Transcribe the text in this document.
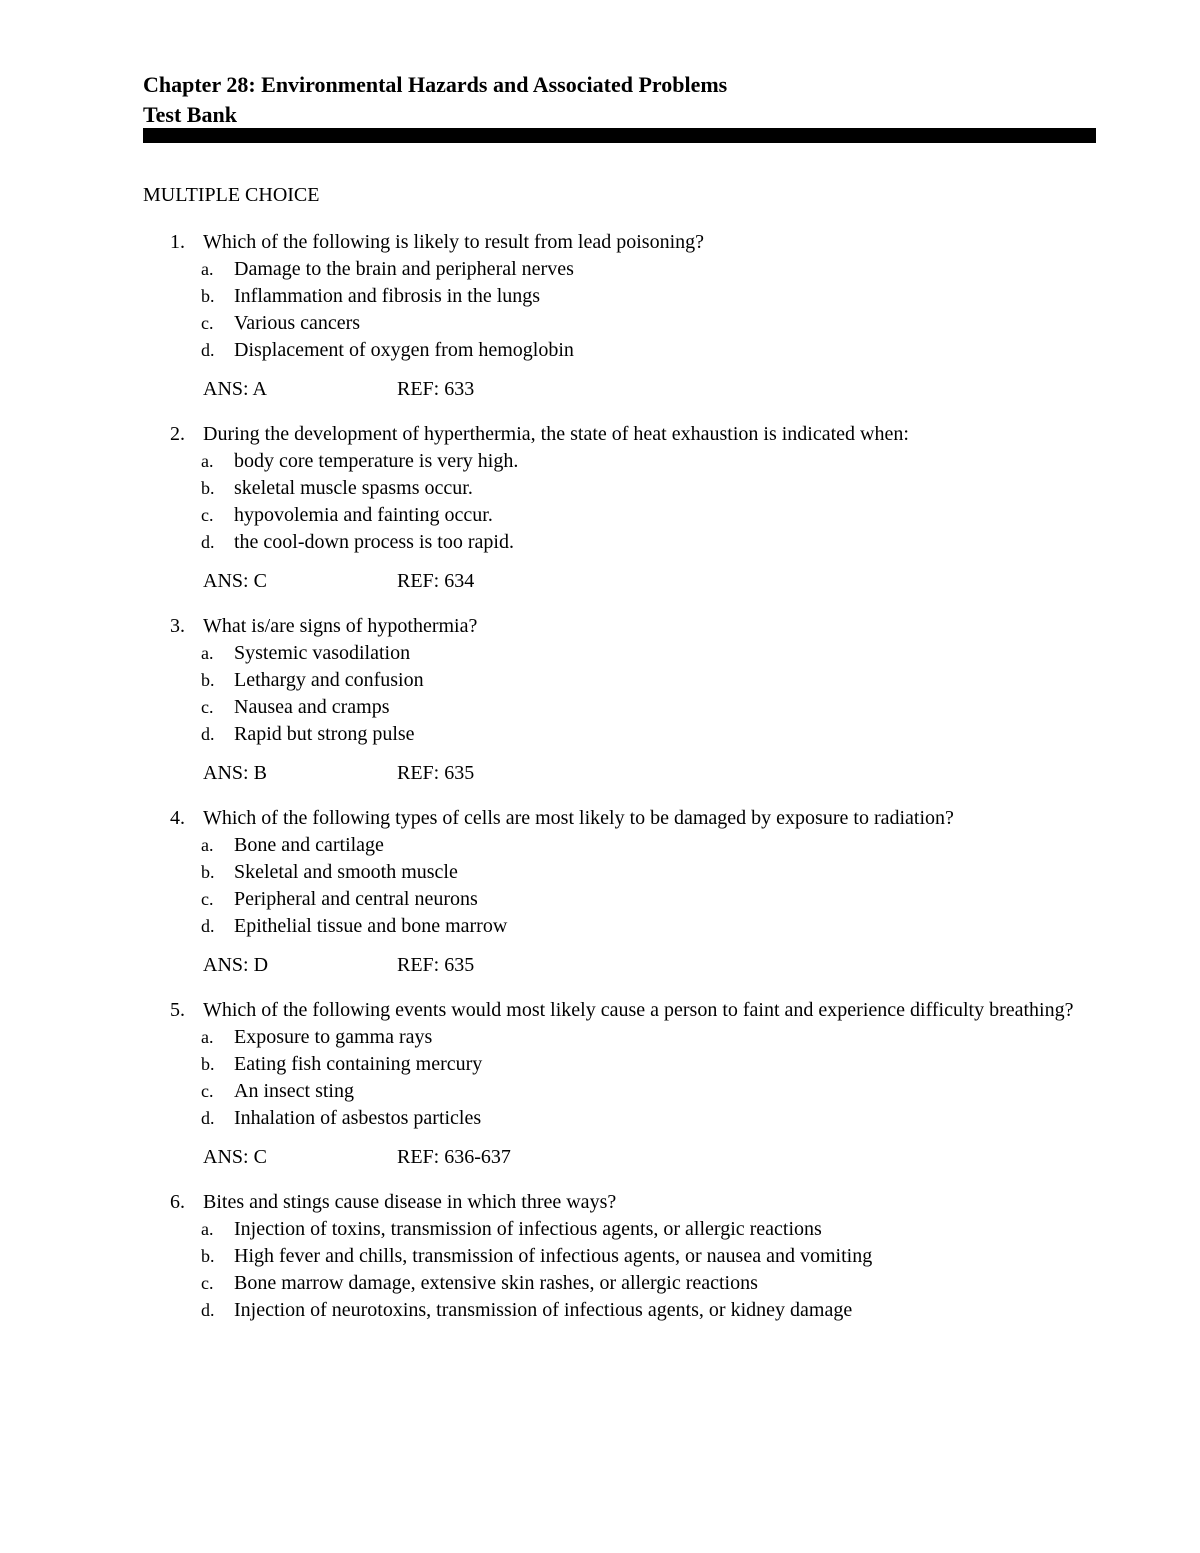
Chapter 28: Environmental Hazards and Associated Problems
Test Bank
MULTIPLE CHOICE
1. Which of the following is likely to result from lead poisoning?
a.	Damage to the brain and peripheral nerves
b. Inflammation and fibrosis in the lungs
c.	Various cancers
d. Displacement of oxygen from hemoglobin
ANS: A	REF: 633
2. During the development of hyperthermia, the state of heat exhaustion is indicated when:
a.	body core temperature is very high.
b. skeletal muscle spasms occur.
c.	hypovolemia and fainting occur.
d. the cool-down process is too rapid.
ANS: C	REF: 634
3. What is/are signs of hypothermia?
a.	Systemic vasodilation
b. Lethargy and confusion
c.	Nausea and cramps
d. Rapid but strong pulse
ANS: B	REF: 635
4. Which of the following types of cells are most likely to be damaged by exposure to radiation?
a.	Bone and cartilage
b. Skeletal and smooth muscle
c.	Peripheral and central neurons
d. Epithelial tissue and bone marrow
ANS: D	REF: 635
5. Which of the following events would most likely cause a person to faint and experience difficulty breathing?
a.	Exposure to gamma rays
b. Eating fish containing mercury
c.	An insect sting
d. Inhalation of asbestos particles
ANS: C	REF: 636-637
6. Bites and stings cause disease in which three ways?
a.	Injection of toxins, transmission of infectious agents, or allergic reactions
b. High fever and chills, transmission of infectious agents, or nausea and vomiting
c.	Bone marrow damage, extensive skin rashes, or allergic reactions
d. Injection of neurotoxins, transmission of infectious agents, or kidney damage
